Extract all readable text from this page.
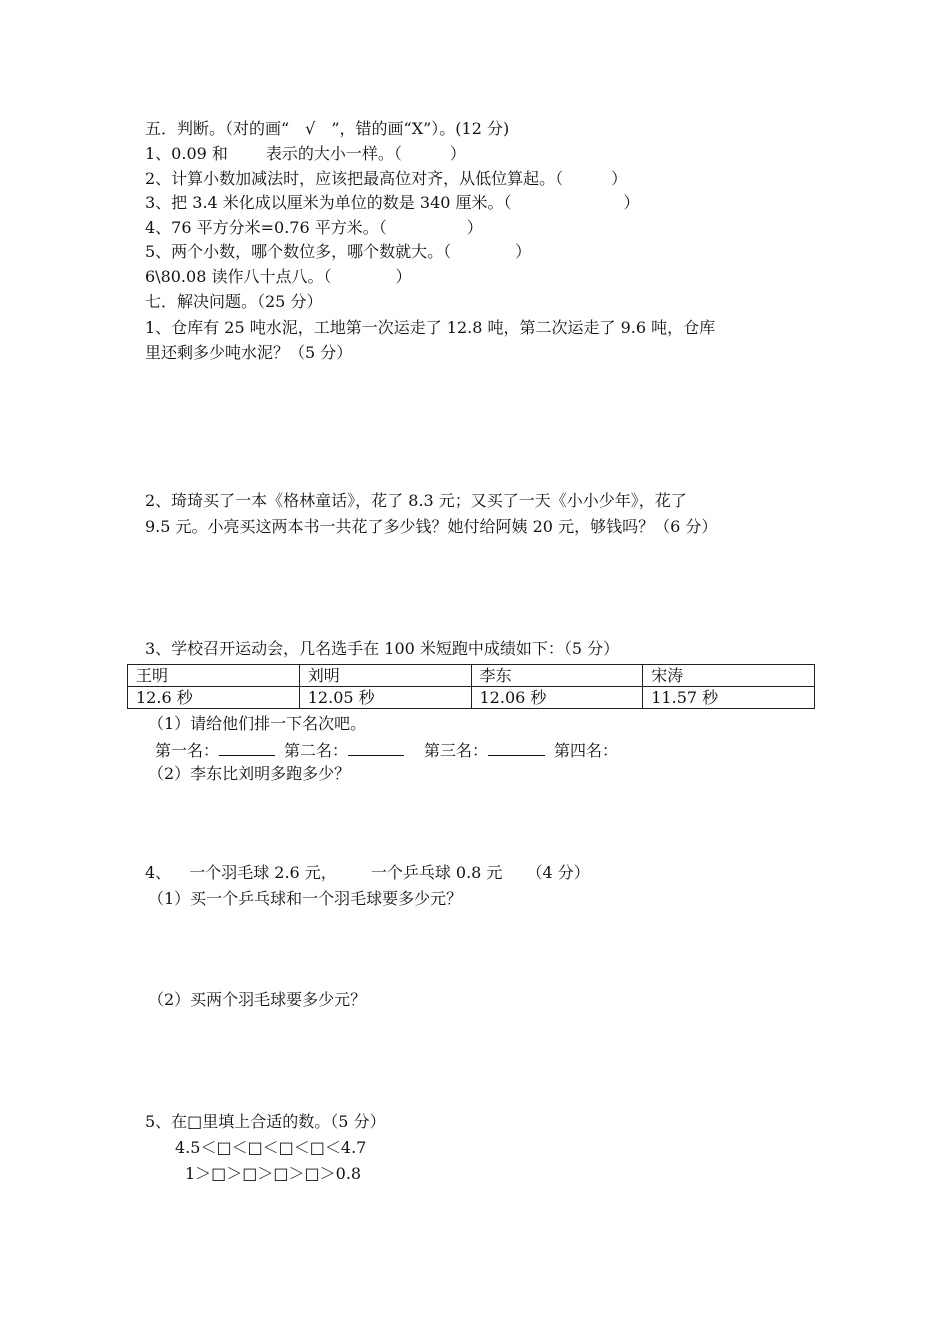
五．判断。（对的画“　√　”，错的画“X”）。(12 分)
1、0.09 和 表示的大小一样。（　　　）
2、计算小数加减法时，应该把最高位对齐，从低位算起。（　　　）
3、把 3.4 米化成以厘米为单位的数是 340 厘米。（　　　　　　　）
4、76 平方分米=0.76 平方米。（　　　　　）
5、两个小数，哪个数位多，哪个数就大。（　　　　）
6\80.08 读作八十点八。（　　　　）
七．解决问题。（25 分）
1、仓库有 25 吨水泥，工地第一次运走了 12.8 吨，第二次运走了 9.6 吨，仓库
里还剩多少吨水泥？（5 分）
2、琦琦买了一本《格林童话》，花了 8.3 元；又买了一天《小小少年》，花了
9.5 元。小亮买这两本书一共花了多少钱？她付给阿姨 20 元，够钱吗？（6 分）
3、学校召开运动会，几名选手在 100 米短跑中成绩如下：（5 分）
王明	刘明	李东	宋涛
12.6 秒	12.05 秒	12.06 秒	11.57 秒
（1）请给他们排一下名次吧。
第一名：	第二名：	第三名：	第四名：
（2）李东比刘明多跑多少？
4、 一个羽毛球 2.6 元， 一个乒乓球 0.8 元 （4 分）
（1）买一个乒乓球和一个羽毛球要多少元？
（2）买两个羽毛球要多少元？
5、在□里填上合适的数。（5 分）
4.5＜□＜□＜□＜□＜4.7
1＞□＞□＞□＞□＞0.8
